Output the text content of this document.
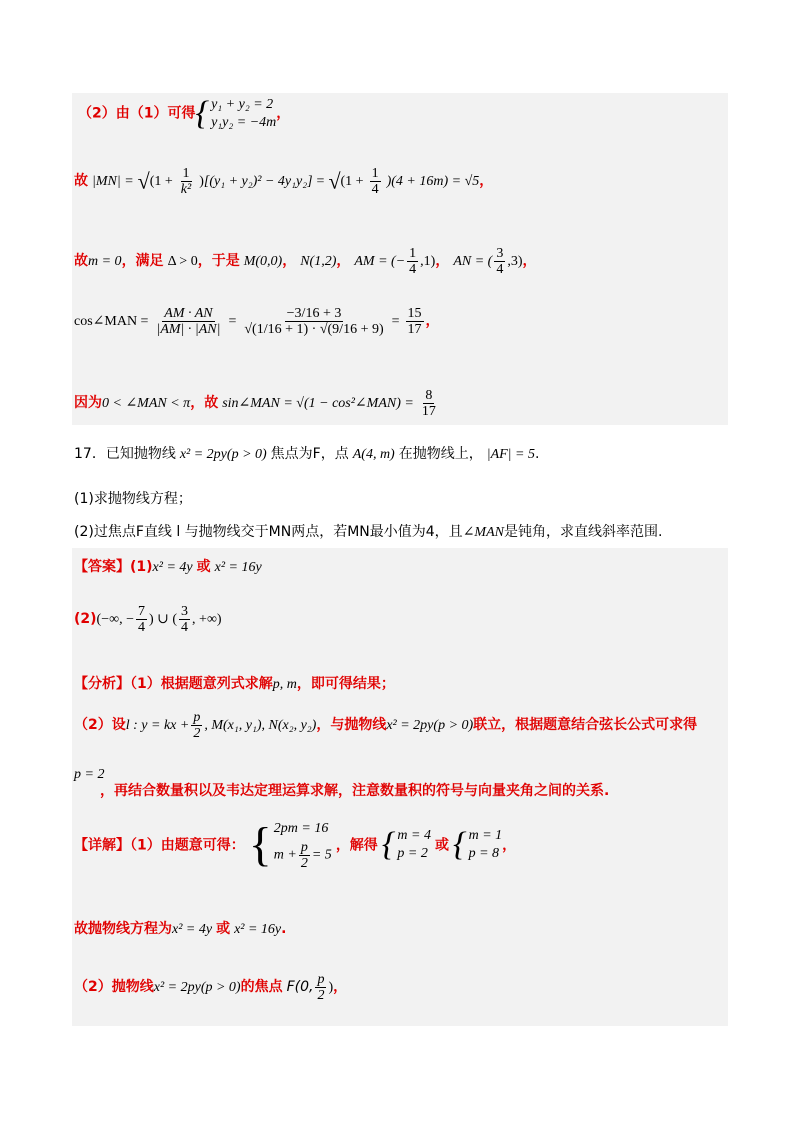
（2）由（1）可得 { y₁ + y₂ = 2
y₁y₂ = −4m
，
故 $|MN| = √(1 + \frac{1}{\text{k²}} )[(y_1 + y_2)^2 - 4y_1y_2] = √(1 + \frac{1}{4} )(4 + 16m) = √5$，
故m = 0，满足 Δ > 0，于是 M(0,0)， N(1,2)， AM = (− $\frac{1}{4} ,1$)， AN = ( $\frac{3}{4} ,3$)，
cos∠MAN = $\frac{AM \cdot AN}{|AM| \cdot |AN|} = \frac{-3/16 + 3}{√(1/16 + 1) \cdot √(9/16 + 9)} = \frac{15}{17}$ ，
因为0 < ∠MAN < π，故 sin∠MAN = √(1 − cos²∠MAN) = $\frac{8}{17}$
17．已知抛物线 x² = 2py(p > 0) 焦点为F，点 A(4, m) 在抛物线上， |AF| = 5.
(1)求抛物线方程；
(2)过焦点F直线 l 与抛物线交于MN两点，若MN最小值为4，且∠MAN是钝角，求直线斜率范围.
【答案】(1)x² = 4y 或 x² = 16y
(2)(−∞, − $\frac{7}{4}$ ) ∪ ( $\frac{3}{4}$ , +∞)
【分析】（1）根据题意列式求解p, m，即可得结果；
（2）设l : y = kx + $\frac{p}{2}$ , M(x₁, y₁), N(x₂, y₂)，与抛物线x² = 2py(p > 0)联立，根据题意结合弦长公式可求得
p = 2
，再结合数量积以及韦达定理运算求解，注意数量积的符号与向量夹角之间的关系.
【详解】（1）由题意可得： { 2pm = 16
$m + \frac{p}{2} = 5$
，解得 { m = 4
p = 2 或 { m = 1
p = 8 ，
故抛物线方程为x² = 4y 或 x² = 16y.
（2）抛物线x² = 2py(p > 0)的焦点 F(0, $\frac{p}{2}$ )，
